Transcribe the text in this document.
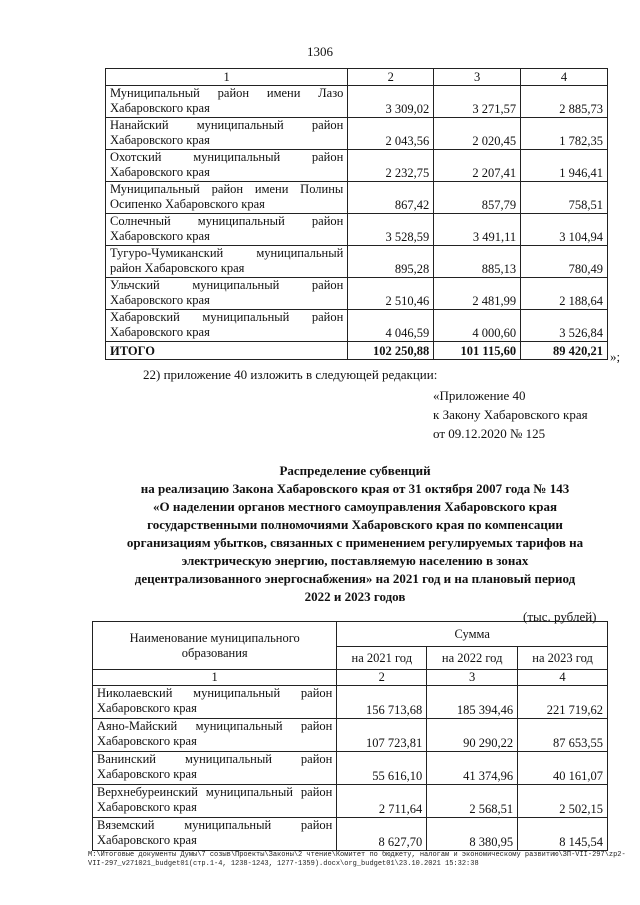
1306
1	2	3	4
Муниципальный район имени Лазо Хабаровского края	3 309,02	3 271,57	2 885,73
Нанайский муниципальный район Хабаровского края	2 043,56	2 020,45	1 782,35
Охотский муниципальный район Хабаровского края	2 232,75	2 207,41	1 946,41
Муниципальный район имени Полины Осипенко Хабаровского края	867,42	857,79	758,51
Солнечный муниципальный район Хабаровского края	3 528,59	3 491,11	3 104,94
Тугуро-Чумиканский муниципальный район Хабаровского края	895,28	885,13	780,49
Ульчский муниципальный район Хабаровского края	2 510,46	2 481,99	2 188,64
Хабаровский муниципальный район Хабаровского края	4 046,59	4 000,60	3 526,84
ИТОГО	102 250,88	101 115,60	89 420,21 »;
22) приложение 40 изложить в следующей редакции:
«Приложение 40
к Закону Хабаровского края
от 09.12.2020 № 125
Распределение субвенций
на реализацию Закона Хабаровского края от 31 октября 2007 года № 143
«О наделении органов местного самоуправления Хабаровского края
государственными полномочиями Хабаровского края по компенсации
организациям убытков, связанных с применением регулируемых тарифов на
электрическую энергию, поставляемую населению в зонах
децентрализованного энергоснабжения» на 2021 год и на плановый период
2022 и 2023 годов
(тыс. рублей)
Наименование муниципального образования	Сумма		
	на 2021 год	на 2022 год	на 2023 год
1	2	3	4
Николаевский муниципальный район Хабаровского края	156 713,68	185 394,46	221 719,62
Аяно-Майский муниципальный район Хабаровского края	107 723,81	90 290,22	87 653,55
Ванинский муниципальный район Хабаровского края	55 616,10	41 374,96	40 161,07
Верхнебуреинский муниципальный район Хабаровского края	2 711,64	2 568,51	2 502,15
Вяземский муниципальный район Хабаровского края	8 627,70	8 380,95	8 145,54
M:\Итоговые документы Думы\7 созыв\Проекты\Законы\2 чтение\Комитет по бюджету, налогам и экономическому развитию\ЗП-VII-297\zp2-VII-297_v271021_budget01(стр.1-4, 1238-1243, 1277-1359).docx\org_budget01\23.10.2021 15:32:38
